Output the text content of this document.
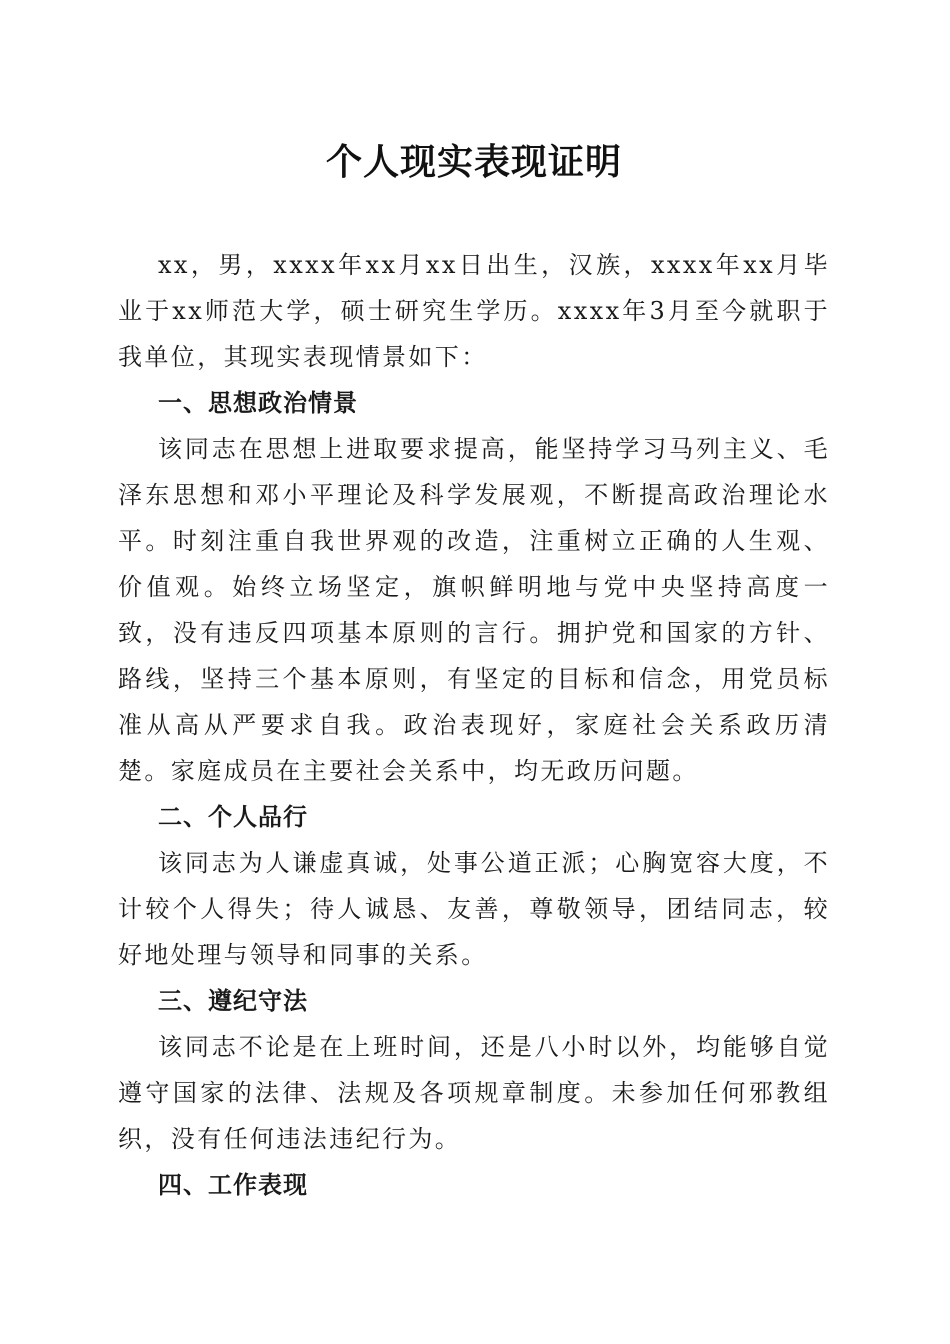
个人现实表现证明

xx，男，xxxx年xx月xx日出生，汉族，xxxx年xx月毕业于xx师范大学，硕士研究生学历。xxxx年3月至今就职于我单位，其现实表现情景如下：

一、思想政治情景

该同志在思想上进取要求提高，能坚持学习马列主义、毛泽东思想和邓小平理论及科学发展观，不断提高政治理论水平。时刻注重自我世界观的改造，注重树立正确的人生观、价值观。始终立场坚定，旗帜鲜明地与党中央坚持高度一致，没有违反四项基本原则的言行。拥护党和国家的方针、路线，坚持三个基本原则，有坚定的目标和信念，用党员标准从高从严要求自我。政治表现好，家庭社会关系政历清楚。家庭成员在主要社会关系中，均无政历问题。

二、个人品行

该同志为人谦虚真诚，处事公道正派；心胸宽容大度，不计较个人得失；待人诚恳、友善，尊敬领导，团结同志，较好地处理与领导和同事的关系。

三、遵纪守法

该同志不论是在上班时间，还是八小时以外，均能够自觉遵守国家的法律、法规及各项规章制度。未参加任何邪教组织，没有任何违法违纪行为。

四、工作表现
